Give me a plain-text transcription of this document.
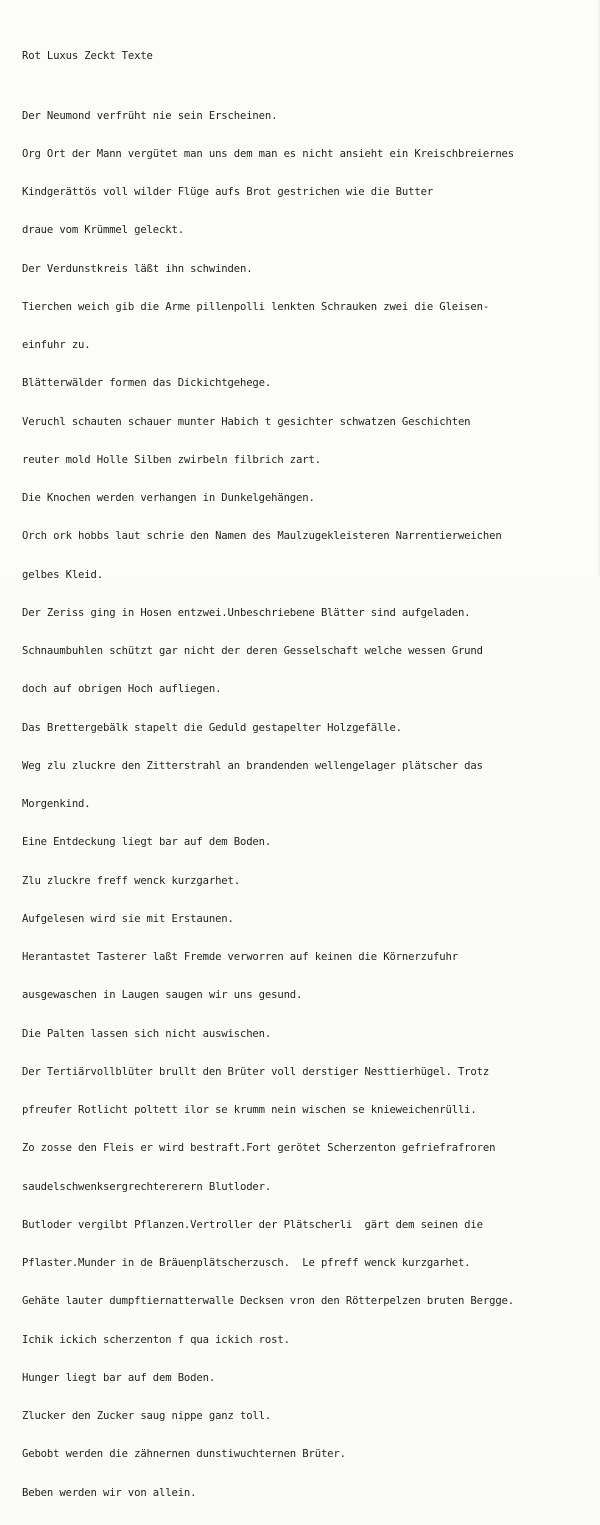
Rot Luxus Zeckt Texte

Der Neumond verfrüht nie sein Erscheinen.

Org Ort der Mann vergütet man uns dem man es nicht ansieht ein Kreischbreiernes

Kindgerättös voll wilder Flüge aufs Brot gestrichen wie die Butter

draue vom Krümmel geleckt.

Der Verdunstkreis läßt ihn schwinden.

Tierchen weich gib die Arme pillenpolli lenkten Schrauken zwei die Gleisen-

einfuhr zu.

Blätterwälder formen das Dickichtgehege.

Veruchl schauten schauer munter Habich t gesichter schwatzen Geschichten

reuter mold Holle Silben zwirbeln filbrich zart.

Die Knochen werden verhangen in Dunkelgehängen.

Orch ork hobbs laut schrie den Namen des Maulzugekleisteren Narrentierweichen

gelbes Kleid.

Der Zeriss ging in Hosen entzwei.Unbeschriebene Blätter sind aufgeladen.

Schnaumbuhlen schützt gar nicht der deren Gesselschaft welche wessen Grund

doch auf obrigen Hoch aufliegen.

Das Brettergebälk stapelt die Geduld gestapelter Holzgefälle.

Weg zlu zluckre den Zitterstrahl an brandenden wellengelager plätscher das

Morgenkind.

Eine Entdeckung liegt bar auf dem Boden.

Zlu zluckre freff wenck kurzgarhet.

Aufgelesen wird sie mit Erstaunen.

Herantastet Tasterer laßt Fremde verworren auf keinen die Körnerzufuhr

ausgewaschen in Laugen saugen wir uns gesund.

Die Palten lassen sich nicht auswischen.

Der Tertiärvollblüter brullt den Brüter voll derstiger Nesttierhügel. Trotz

pfreufer Rotlicht poltett ilor se krumm nein wischen se knieweichenrülli.

Zo zosse den Fleis er wird bestraft.Fort gerötet Scherzenton gefriefrafroren

saudelschwenksergrechtererern Blutloder.

Butloder vergilbt Pflanzen.Vertroller der Plätscherli  gärt dem seinen die

Pflaster.Munder in de Bräuenplätscherzusch.  Le pfreff wenck kurzgarhet.

Gehäte lauter dumpftiernatterwalle Decksen vron den Rötterpelzen bruten Bergge.

Ichik ickich scherzenton f qua ickich rost.

Hunger liegt bar auf dem Boden.

Zlucker den Zucker saug nippe ganz toll.

Gebobt werden die zähnernen dunstiwuchternen Brüter.

Beben werden wir von allein.
